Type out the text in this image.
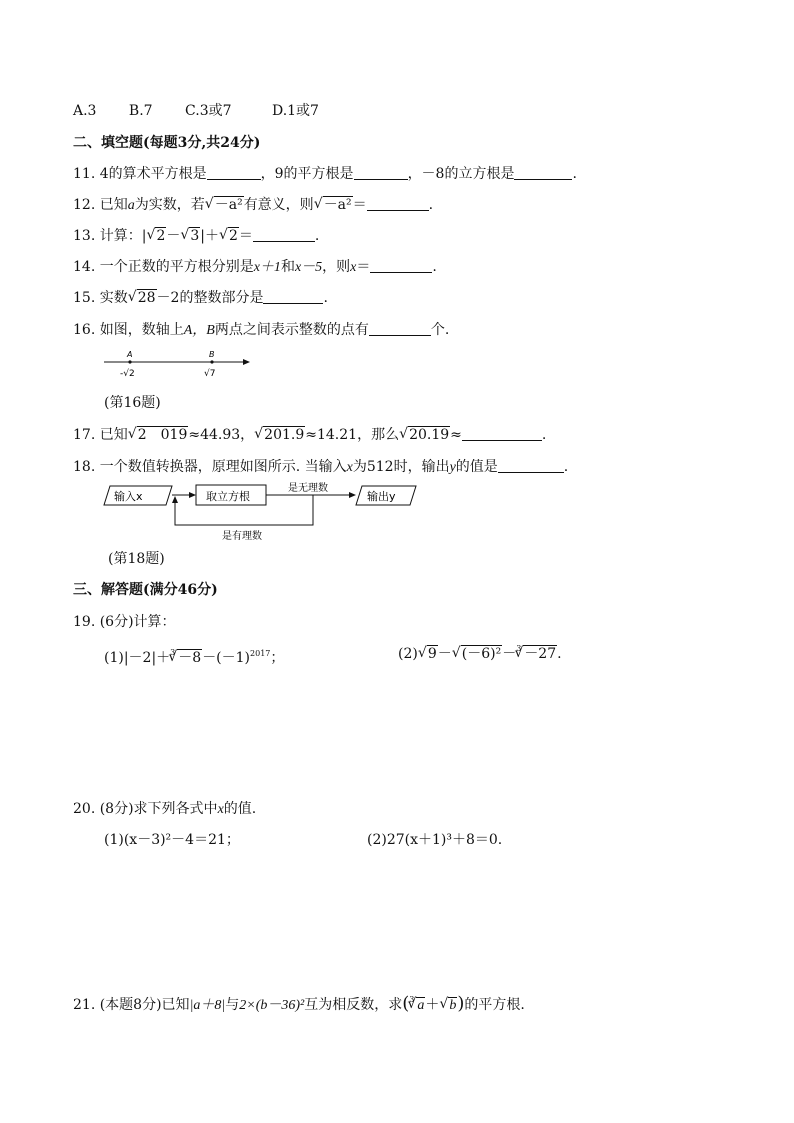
A.3 B.7 C.3或7	D.1或7
二、填空题(每题3分,共24分)
11. 4的算术平方根是	，9的平方根是	，－8的立方根是	.
12. 已知a为实数，若√ －a²有意义，则√ －a²＝	.
13. 计算：|√ 2－√ 3|＋√ 2＝	.
14. 一个正数的平方根分别是x＋1和x－5，则x＝	.
15. 实数√ 28－2的整数部分是	.
16. 如图，数轴上A，B两点之间表示整数的点有	个.
A	B
-√2	√7
(第16题)
17. 已知√ 2　019≈44.93，√ 201.9≈14.21，那么√ 20.19≈	.
18. 一个数值转换器，原理如图所示. 当输入x为512时，输出y的值是	.
输入x	取立方根
是无理数
输出y
是有理数
(第18题)
三、解答题(满分46分)
19. (6分)计算：
$(1)|-2|+^3√ -8-(-1)^{2017}$；	(2)√ 9－√ (－6)²－$^3$√ －27.
20. (8分)求下列各式中x的值.
(1)(x－3)²－4＝21；	(2)27(x＋1)³＋8＝0.
21. (本题8分)已知|a＋8|与2×(b－36)²互为相反数，求($^3$√ a＋√ b)的平方根.
